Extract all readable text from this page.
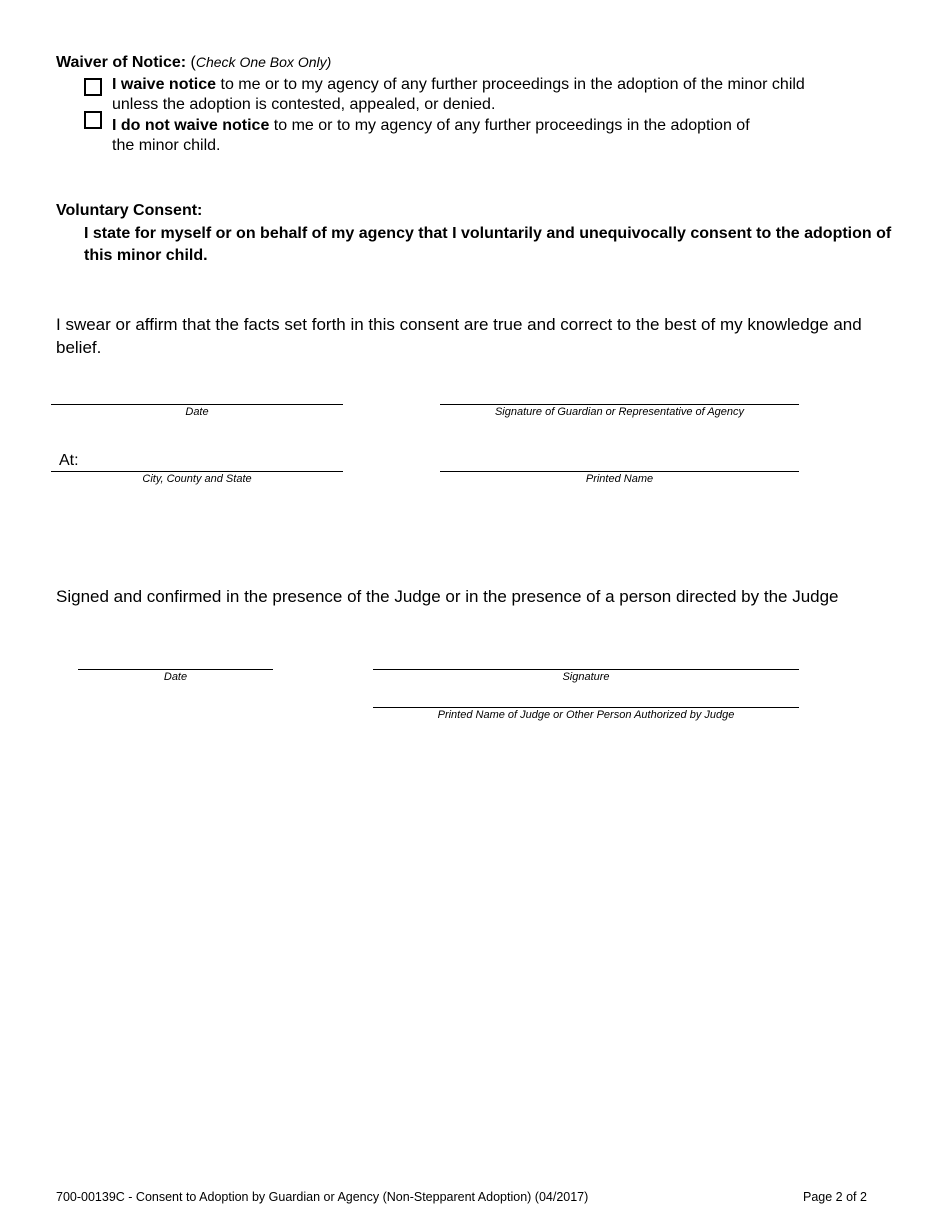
Waiver of Notice: (Check One Box Only)
I waive notice to me or to my agency of any further proceedings in the adoption of the minor child
unless the adoption is contested, appealed, or denied.
I do not waive notice to me or to my agency of any further proceedings in the adoption of
the minor child.
Voluntary Consent:
I state for myself or on behalf of my agency that I voluntarily and unequivocally consent to the adoption of this minor child.
I swear or affirm that the facts set forth in this consent are true and correct to the best of my knowledge and belief.
Date	Signature of Guardian or Representative of Agency
At:
City, County and State	Printed Name
Signed and confirmed in the presence of the Judge or in the presence of a person directed by the Judge
Date	Signature
Printed Name of Judge or Other Person Authorized by Judge
700-00139C - Consent to Adoption by Guardian or Agency (Non-Stepparent Adoption) (04/2017)	Page 2 of 2
